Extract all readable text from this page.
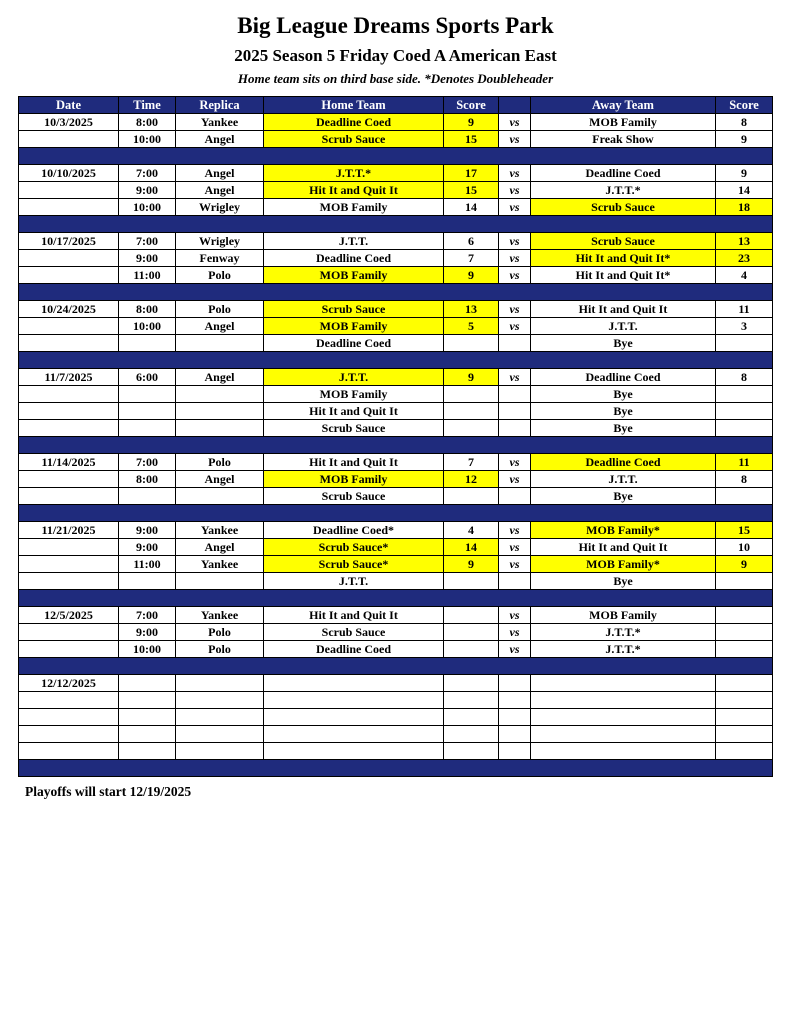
Big League Dreams Sports Park
2025 Season 5 Friday Coed A American East
Home team sits on third base side. *Denotes Doubleheader
Date	Time	Replica	Home Team	Score		Away Team	Score
10/3/2025	8:00	Yankee	Deadline Coed	9	vs	MOB Family	8
	10:00	Angel	Scrub Sauce	15	vs	Freak Show	9

10/10/2025	7:00	Angel	J.T.T.*	17	vs	Deadline Coed	9
	9:00	Angel	Hit It and Quit It	15	vs	J.T.T.*	14
	10:00	Wrigley	MOB Family	14	vs	Scrub Sauce	18

10/17/2025	7:00	Wrigley	J.T.T.	6	vs	Scrub Sauce	13
	9:00	Fenway	Deadline Coed	7	vs	Hit It and Quit It*	23
	11:00	Polo	MOB Family	9	vs	Hit It and Quit It*	4

10/24/2025	8:00	Polo	Scrub Sauce	13	vs	Hit It and Quit It	11
	10:00	Angel	MOB Family	5	vs	J.T.T.	3
			Deadline Coed			Bye	

11/7/2025	6:00	Angel	J.T.T.	9	vs	Deadline Coed	8
			MOB Family			Bye	
			Hit It and Quit It			Bye	
			Scrub Sauce			Bye	

11/14/2025	7:00	Polo	Hit It and Quit It	7	vs	Deadline Coed	11
	8:00	Angel	MOB Family	12	vs	J.T.T.	8
			Scrub Sauce			Bye	

11/21/2025	9:00	Yankee	Deadline Coed*	4	vs	MOB Family*	15
	9:00	Angel	Scrub Sauce*	14	vs	Hit It and Quit It	10
	11:00	Yankee	Scrub Sauce*	9	vs	MOB Family*	9
			J.T.T.			Bye	

12/5/2025	7:00	Yankee	Hit It and Quit It		vs	MOB Family	
	9:00	Polo	Scrub Sauce		vs	J.T.T.*	
	10:00	Polo	Deadline Coed		vs	J.T.T.*	

12/12/2025							

Playoffs will start 12/19/2025
